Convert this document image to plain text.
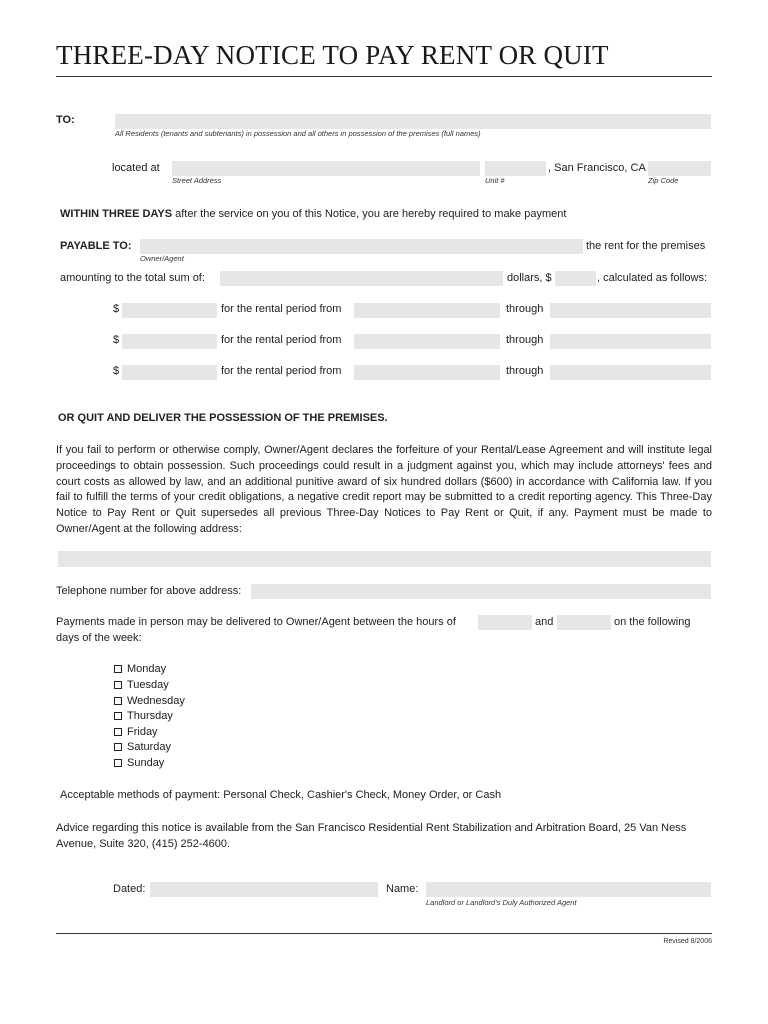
THREE-DAY NOTICE TO PAY RENT OR QUIT
TO:
All Residents (tenants and subtenants) in possession and all others in possession of the premises (full names)
located at	, San Francisco, CA
Street Address	Unit #	Zip Code
WITHIN THREE DAYS after the service on you of this Notice, you are hereby required to make payment
PAYABLE TO:
Owner/Agent
the rent for the premises
amounting to the total sum of:	dollars, $	, calculated as follows:
$	for the rental period from	through
$	for the rental period from	through
$	for the rental period from	through
OR QUIT AND DELIVER THE POSSESSION OF THE PREMISES.
If you fail to perform or otherwise comply, Owner/Agent declares the forfeiture of your Rental/Lease Agreement and will institute legal proceedings to obtain possession. Such proceedings could result in a judgment against you, which may include attorneys' fees and court costs as allowed by law, and an additional punitive award of six hundred dollars ($600) in accordance with California law. If you fail to fulfill the terms of your credit obligations, a negative credit report may be submitted to a credit reporting agency. This Three-Day Notice to Pay Rent or Quit supersedes all previous Three-Day Notices to Pay Rent or Quit, if any. Payment must be made to Owner/Agent at the following address:
Telephone number for above address:
Payments made in person may be delivered to Owner/Agent between the hours of	and	on the following
days of the week:
Monday
Tuesday
Wednesday
Thursday
Friday
Saturday
Sunday
Acceptable methods of payment: Personal Check, Cashier's Check, Money Order, or Cash
Advice regarding this notice is available from the San Francisco Residential Rent Stabilization and Arbitration Board, 25 Van Ness Avenue, Suite 320, (415) 252-4600.
Dated:	Name:
Landlord or Landlord's Duly Authorized Agent
Revised 8/2006
